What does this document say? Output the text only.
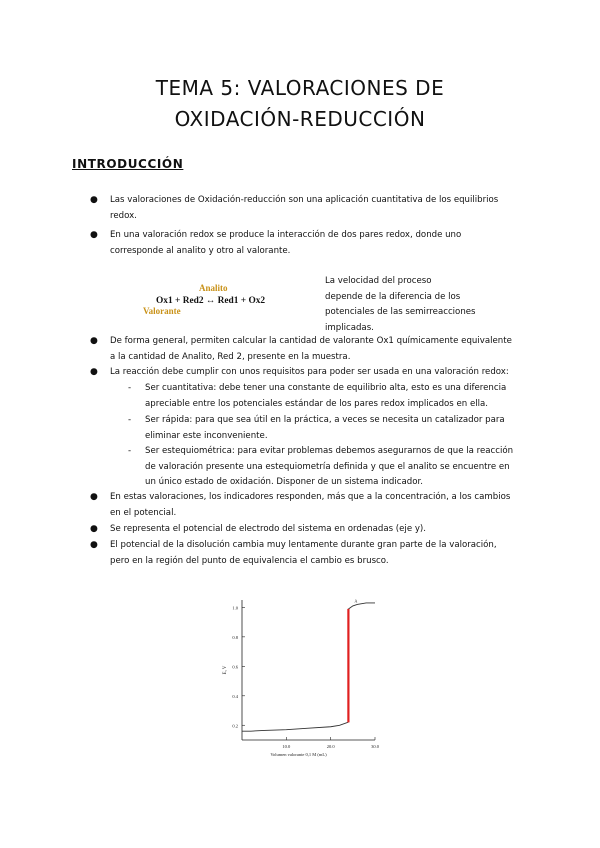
TEMA 5: VALORACIONES DE
OXIDACIÓN-REDUCCIÓN
INTRODUCCIÓN
● Las valoraciones de Oxidación-reducción son una aplicación cuantitativa de los equilibrios
redox.
● En una valoración redox se produce la interacción de dos pares redox, donde uno
corresponde al analito y otro al valorante.
Analito
Ox1 + Red2 ↔ Red1 + Ox2
Valorante
La velocidad del proceso
depende de la diferencia de los
potenciales de las semirreacciones
implicadas.
● De forma general, permiten calcular la cantidad de valorante Ox1 químicamente equivalente
a la cantidad de Analito, Red 2, presente en la muestra.
● La reacción debe cumplir con unos requisitos para poder ser usada en una valoración redox:
- Ser cuantitativa: debe tener una constante de equilibrio alta, esto es una diferencia
apreciable entre los potenciales estándar de los pares redox implicados en ella.
- Ser rápida: para que sea útil en la práctica, a veces se necesita un catalizador para
eliminar este inconveniente.
- Ser estequiométrica: para evitar problemas debemos asegurarnos de que la reacción
de valoración presente una estequiometría definida y que el analito se encuentre en
un único estado de oxidación. Disponer de un sistema indicador.
● En estas valoraciones, los indicadores responden, más que a la concentración, a los cambios
en el potencial.
● Se representa el potencial de electrodo del sistema en ordenadas (eje y).
● El potencial de la disolución cambia muy lentamente durante gran parte de la valoración,
pero en la región del punto de equivalencia el cambio es brusco.
1.0
0.8
0.6
0.4
0.2
10.0	20.0	30.0
Volumen valorante 0,1 M (mL)
E, V
A
